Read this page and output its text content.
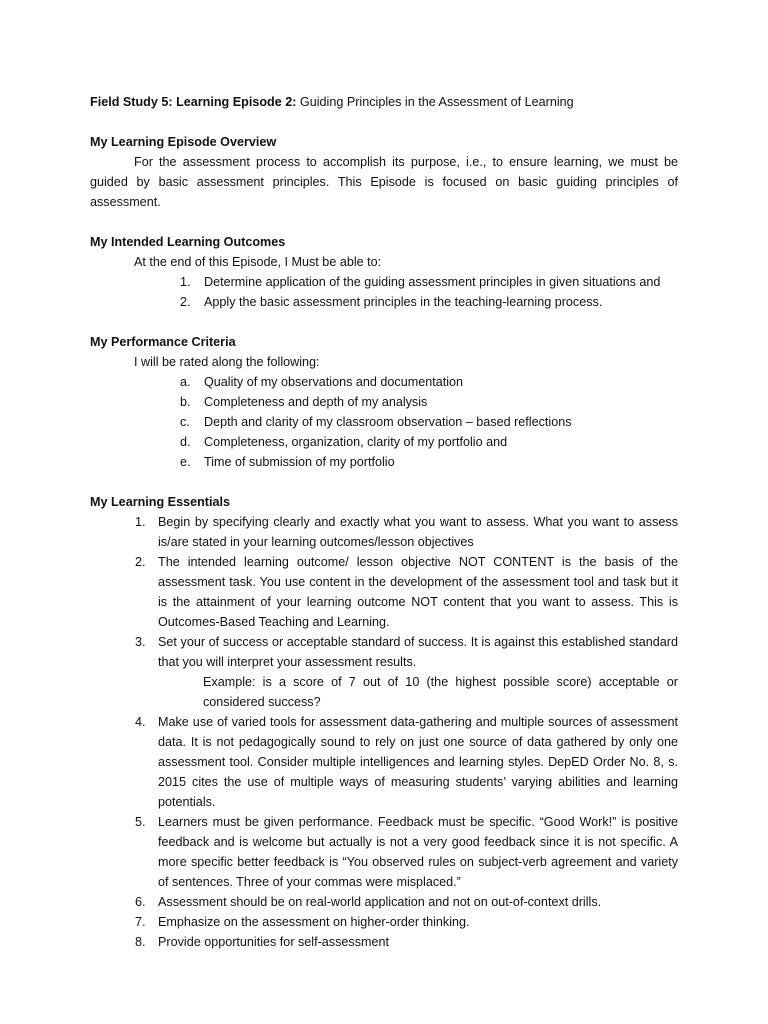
Field Study 5: Learning Episode 2: Guiding Principles in the Assessment of Learning
My Learning Episode Overview
For the assessment process to accomplish its purpose, i.e., to ensure learning, we must be guided by basic assessment principles. This Episode is focused on basic guiding principles of assessment.
My Intended Learning Outcomes
At the end of this Episode, I Must be able to:
1.	Determine application of the guiding assessment principles in given situations and
2.	Apply the basic assessment principles in the teaching-learning process.
My Performance Criteria
I will be rated along the following:
a.	Quality of my observations and documentation
b.	Completeness and depth of my analysis
c.	Depth and clarity of my classroom observation – based reflections
d.	Completeness, organization, clarity of my portfolio and
e.	Time of submission of my portfolio
My Learning Essentials
1. Begin by specifying clearly and exactly what you want to assess. What you want to assess is/are stated in your learning outcomes/lesson objectives
2. The intended learning outcome/ lesson objective NOT CONTENT is the basis of the assessment task. You use content in the development of the assessment tool and task but it is the attainment of your learning outcome NOT content that you want to assess. This is Outcomes-Based Teaching and Learning.
3. Set your of success or acceptable standard of success. It is against this established standard that you will interpret your assessment results.
Example: is a score of 7 out of 10 (the highest possible score) acceptable or considered success?
4. Make use of varied tools for assessment data-gathering and multiple sources of assessment data. It is not pedagogically sound to rely on just one source of data gathered by only one assessment tool. Consider multiple intelligences and learning styles. DepED Order No. 8, s. 2015 cites the use of multiple ways of measuring students’ varying abilities and learning potentials.
5. Learners must be given performance. Feedback must be specific. “Good Work!” is positive feedback and is welcome but actually is not a very good feedback since it is not specific. A more specific better feedback is “You observed rules on subject-verb agreement and variety of sentences. Three of your commas were misplaced.”
6. Assessment should be on real-world application and not on out-of-context drills.
7. Emphasize on the assessment on higher-order thinking.
8. Provide opportunities for self-assessment
